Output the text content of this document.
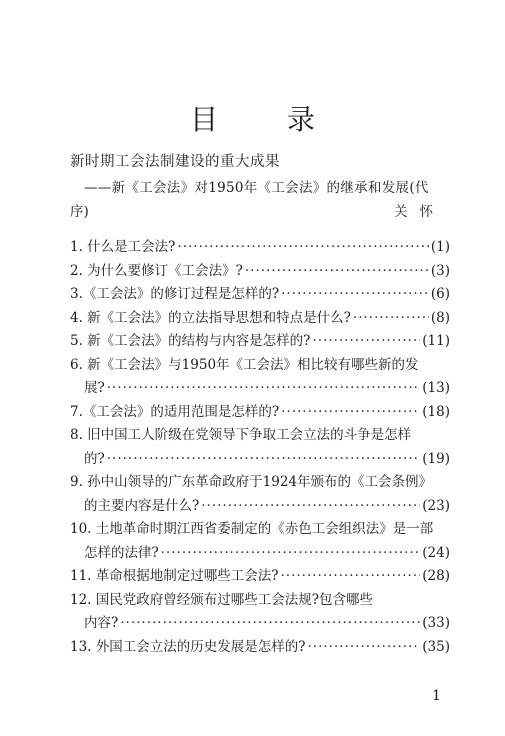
目 录
新时期工会法制建设的重大成果
——新《工会法》对1950年《工会法》的继承和发展(代
序)	关怀
1. 什么是工会法? ·····	(1)
2. 为什么要修订《工会法》? ·····	(3)
3.《工会法》的修订过程是怎样的? ·····	(6)
4. 新《工会法》的立法指导思想和特点是什么? ·····	(8)
5. 新《工会法》的结构与内容是怎样的? ·····	(11)
6. 新《工会法》与1950年《工会法》相比较有哪些新的发
展? ·····	(13)
7.《工会法》的适用范围是怎样的? ·····	(18)
8. 旧中国工人阶级在党领导下争取工会立法的斗争是怎样
的? ·····	(19)
9. 孙中山领导的广东革命政府于1924年颁布的《工会条例》
的主要内容是什么? ·····	(23)
10. 土地革命时期江西省委制定的《赤色工会组织法》是一部
怎样的法律? ·····	(24)
11. 革命根据地制定过哪些工会法? ·····	(28)
12. 国民党政府曾经颁布过哪些工会法规?包含哪些
内容? ·····	(33)
13. 外国工会立法的历史发展是怎样的? ·····	(35)
1
